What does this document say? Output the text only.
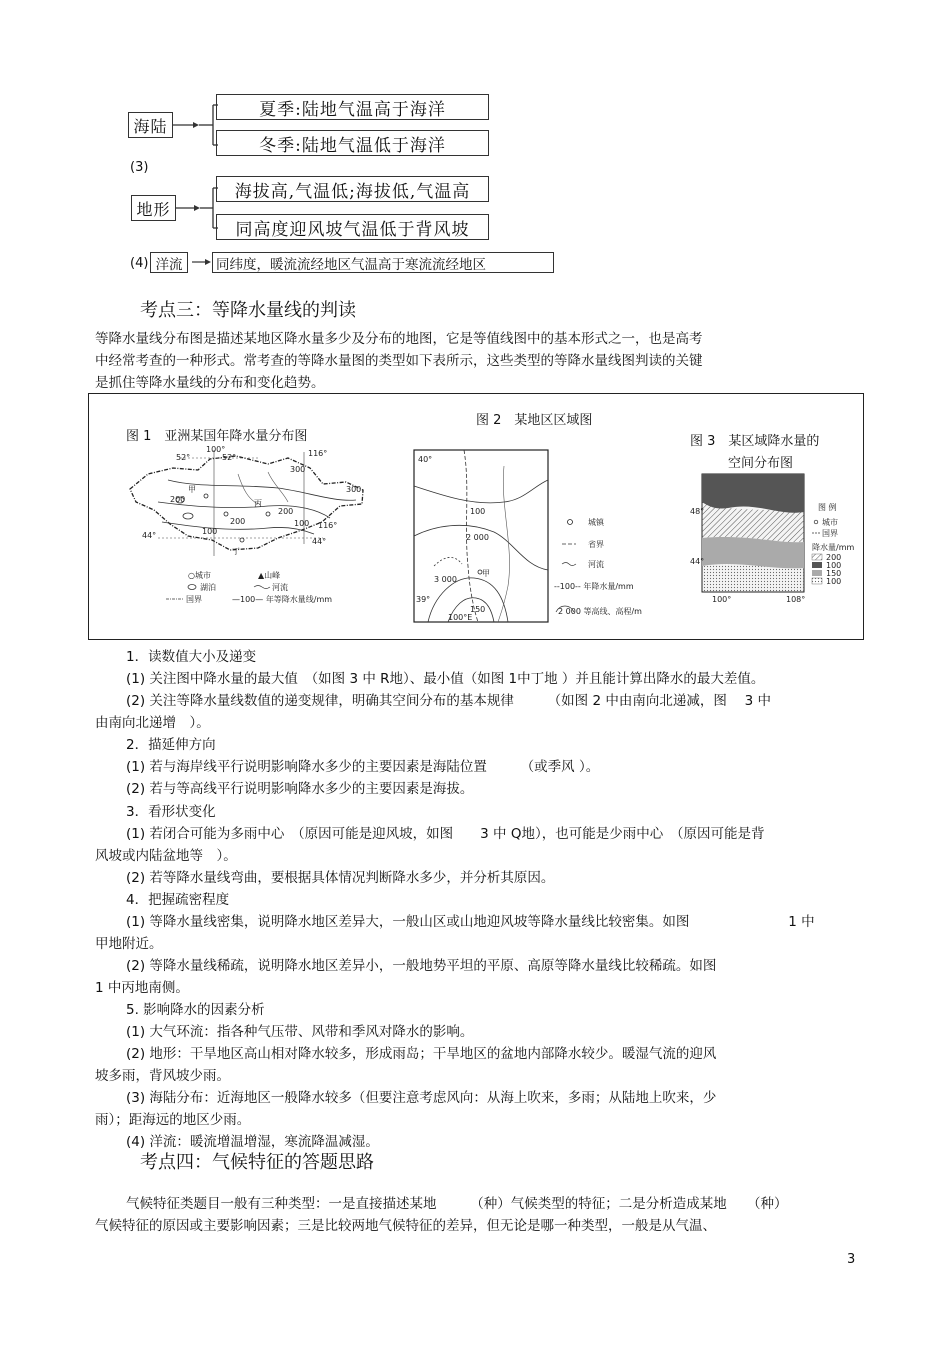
海陆
夏季:陆地气温高于海洋
冬季:陆地气温低于海洋
(3)
地形
海拔高,气温低;海拔低,气温高
同高度迎风坡气温低于背风坡
(4) 洋流	同纬度，暖流流经地区气温高于寒流流经地区
考点三：等降水量线的判读
等降水量线分布图是描述某地区降水量多少及分布的地图，它是等值线图中的基本形式之一，也是高考
中经常考查的一种形式。常考查的等降水量图的类型如下表所示，这些类型的等降水量线图判读的关键
是抓住等降水量线的分布和变化趋势。
图 1　亚洲某国年降水量分布图
100°
52°	52°	116°
300
300
200
200
200
100
100 116°
44°
44°
丁
丙
甲
○城市	▲山峰
湖泊	河流
国界	—100— 年等降水量线/mm
图 2　某地区区域图
40°
100
2 000
3 000
甲
39°
150
100°E
城镇
省界
河流
--100-- 年降水量/mm
2 000 等高线、高程/m
图 3　某区域降水量的
空间分布图
48°
44°
100°	108°
图 例
城市
国界
降水量/mm
200
100
150
100
1．读数值大小及递变
(1) 关注图中降水量的最大值　（如图 3 中 R地）、最小值（如图 1中丁地 ）并且能计算出降水的最大差值。
(2) 关注等降水量线数值的递变规律，明确其空间分布的基本规律　　　（如图 2 中由南向北递减，图　 3 中
由南向北递增　）。
2．描延伸方向
(1) 若与海岸线平行说明影响降水多少的主要因素是海陆位置　　　（或季风 ）。
(2) 若与等高线平行说明影响降水多少的主要因素是海拔。
3．看形状变化
(1) 若闭合可能为多雨中心　（原因可能是迎风坡，如图　　3 中 Q地），也可能是少雨中心　（原因可能是背
风坡或内陆盆地等　）。
(2) 若等降水量线弯曲，要根据具体情况判断降水多少，并分析其原因。
4．把握疏密程度
(1) 等降水量线密集，说明降水地区差异大，一般山区或山地迎风坡等降水量线比较密集。如图　　　　　　　 1 中
甲地附近。
(2) 等降水量线稀疏，说明降水地区差异小，一般地势平坦的平原、高原等降水量线比较稀疏。如图
1 中丙地南侧。
5. 影响降水的因素分析
(1) 大气环流：指各种气压带、风带和季风对降水的影响。
(2) 地形：干旱地区高山相对降水较多，形成雨岛；干旱地区的盆地内部降水较少。暖湿气流的迎风
坡多雨，背风坡少雨。
(3) 海陆分布：近海地区一般降水较多（但要注意考虑风向：从海上吹来，多雨；从陆地上吹来，少
雨）；距海远的地区少雨。
(4) 洋流：暖流增温增湿，寒流降温减湿。
考点四：气候特征的答题思路
气候特征类题目一般有三种类型：一是直接描述某地　　　（种）气候类型的特征；二是分析造成某地　　（种）
气候特征的原因或主要影响因素；三是比较两地气候特征的差异，但无论是哪一种类型，一般是从气温、
3
